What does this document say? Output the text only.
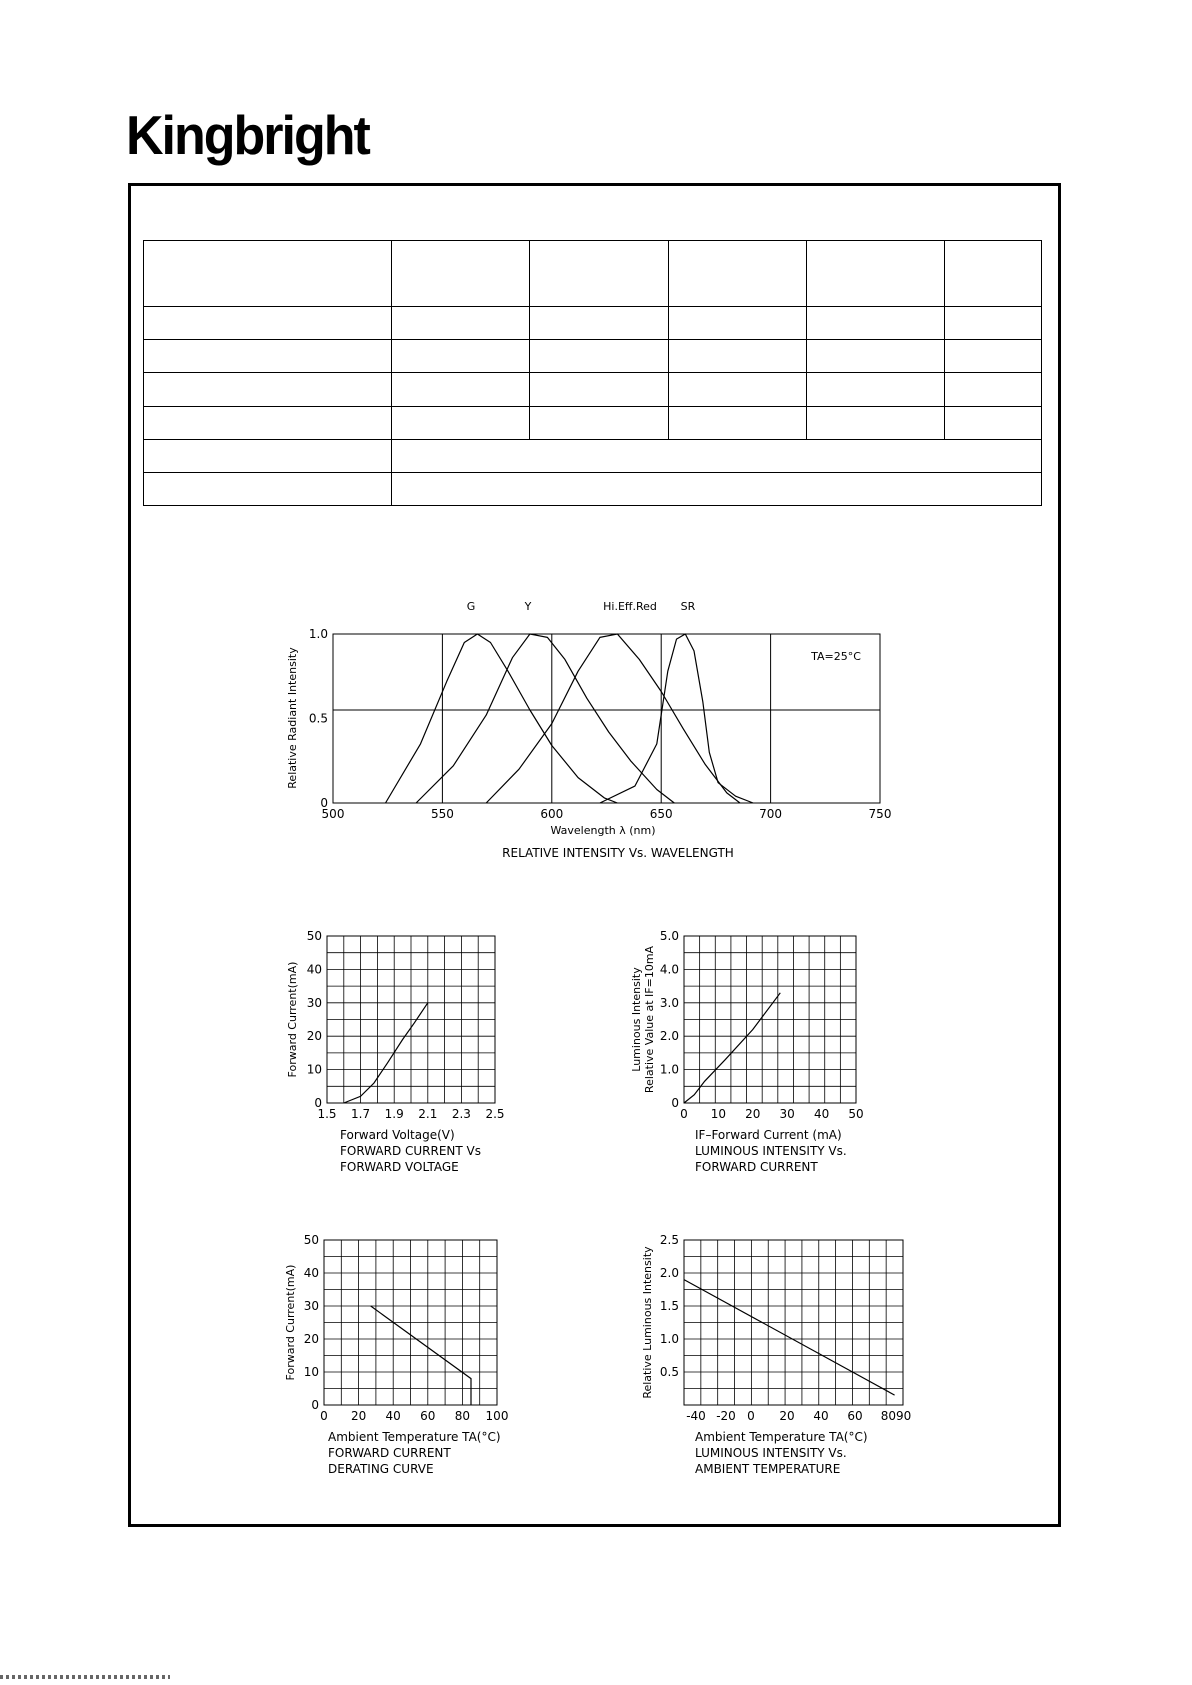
Kingbright
500	550	600	650	700	750
0
0.5
1.0
G	Y	Hi.Eff.Red SR
TA=25°C
Wavelength λ (nm)
Relative Radiant Intensity
RELATIVE INTENSITY Vs. WAVELENGTH
1.5 1.7 1.9 2.1 2.3 2.5
0
10
20
30
40
50
Forward Voltage(V)
FORWARD CURRENT Vs
FORWARD VOLTAGE
Forward Current(mA)
0 10 20 30 40 50
0
1.0
2.0
3.0
4.0
5.0
IF–Forward Current (mA)
LUMINOUS INTENSITY Vs.
FORWARD CURRENT
Luminous Intensity Relative Value at IF=10mA
0 20 40 60 80 100
0
10
20
30
40
50
Ambient Temperature TA(°C)
FORWARD CURRENT
DERATING CURVE
Forward Current(mA)
-40 -20 0 20 40 60 8090
0.5
1.0
1.5
2.0
2.5
Ambient Temperature TA(°C)
LUMINOUS INTENSITY Vs.
AMBIENT TEMPERATURE
Relative Luminous Intensity
